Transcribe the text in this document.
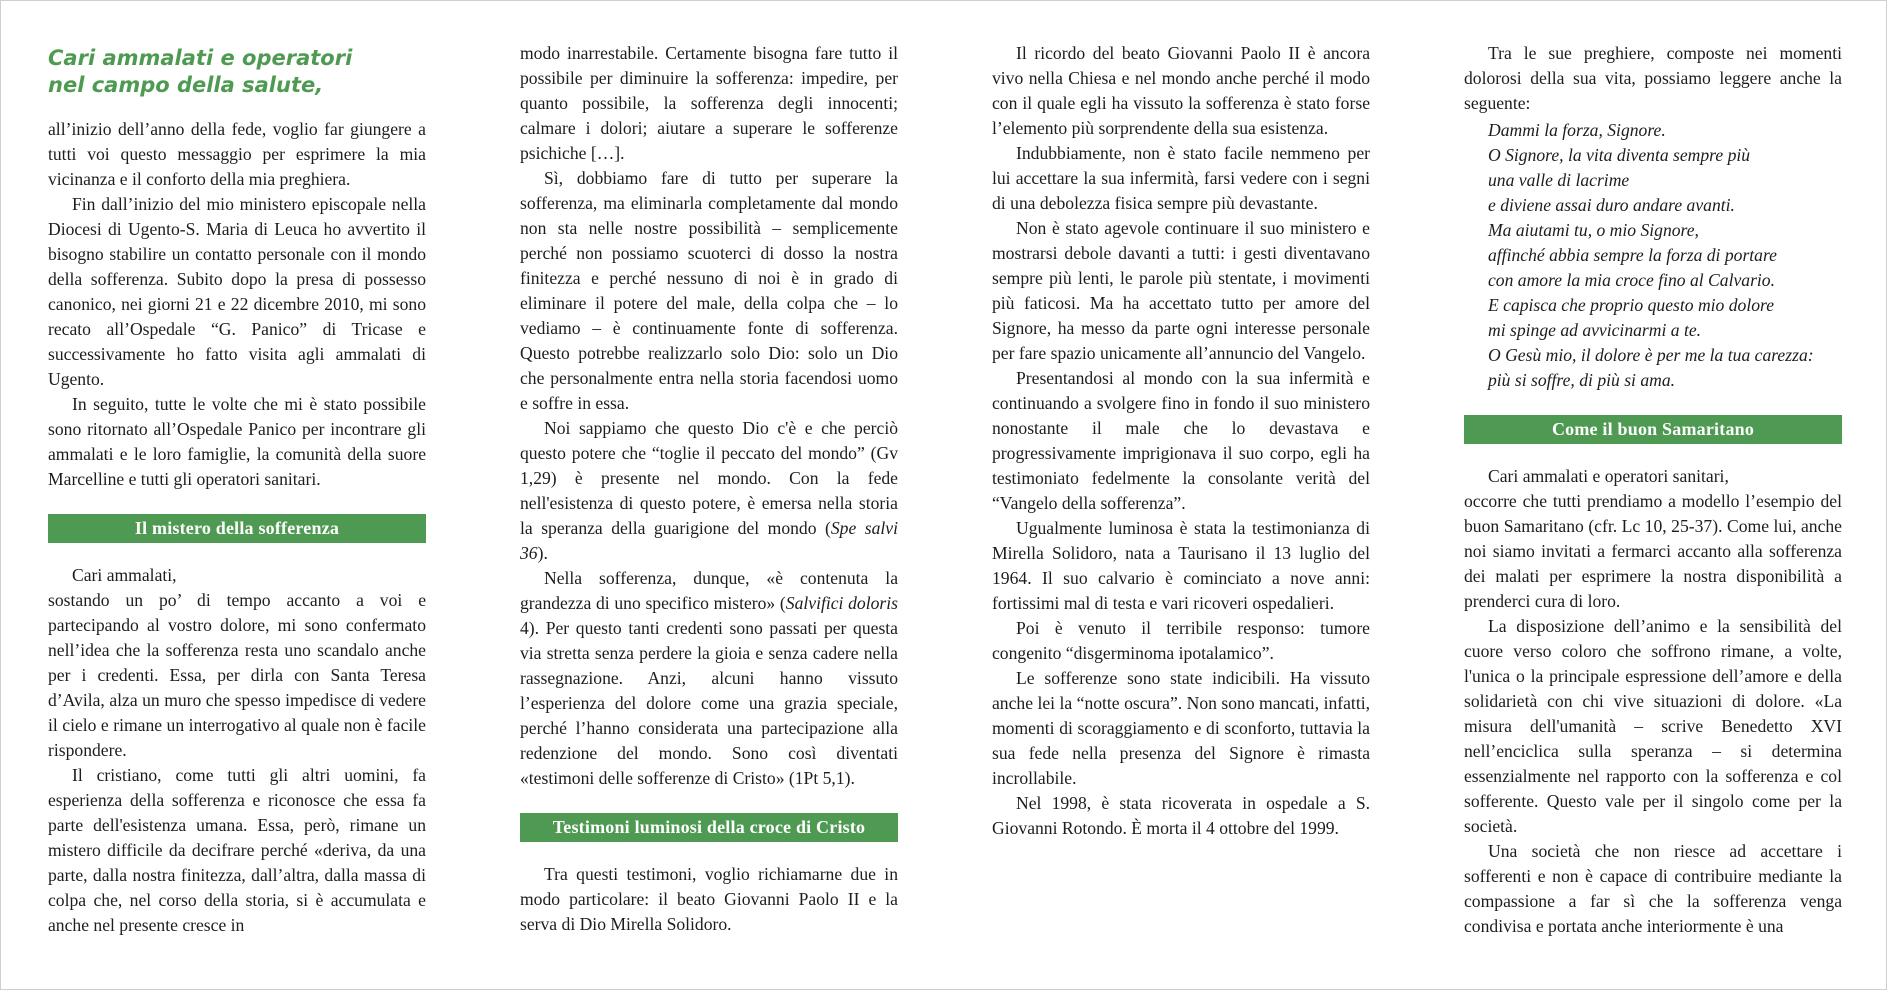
Cari ammalati e operatori
nel campo della salute,

all’inizio dell’anno della fede, voglio far giungere a tutti voi questo messaggio per esprimere la mia vicinanza e il conforto della mia preghiera.

Fin dall’inizio del mio ministero episcopale nella Diocesi di Ugento-S. Maria di Leuca ho avvertito il bisogno stabilire un contatto personale con il mondo della sofferenza. Subito dopo la presa di possesso canonico, nei giorni 21 e 22 dicembre 2010, mi sono recato all’Ospedale “G. Panico” di Tricase e successivamente ho fatto visita agli ammalati di Ugento.

In seguito, tutte le volte che mi è stato possibile sono ritornato all’Ospedale Panico per incontrare gli ammalati e le loro famiglie, la comunità della suore Marcelline e tutti gli operatori sanitari.

Il mistero della sofferenza

Cari ammalati,

sostando un po’ di tempo accanto a voi e partecipando al vostro dolore, mi sono confermato nell’idea che la sofferenza resta uno scandalo anche per i credenti. Essa, per dirla con Santa Teresa d’Avila, alza un muro che spesso impedisce di vedere il cielo e rimane un interrogativo al quale non è facile rispondere.

Il cristiano, come tutti gli altri uomini, fa esperienza della sofferenza e riconosce che essa fa parte dell'esistenza umana. Essa, però, rimane un mistero difficile da decifrare perché «deriva, da una parte, dalla nostra finitezza, dall’altra, dalla massa di colpa che, nel corso della storia, si è accumulata e anche nel presente cresce in

modo inarrestabile. Certamente bisogna fare tutto il possibile per diminuire la sofferenza: impedire, per quanto possibile, la sofferenza degli innocenti; calmare i dolori; aiutare a superare le sofferenze psichiche […].

Sì, dobbiamo fare di tutto per superare la sofferenza, ma eliminarla completamente dal mondo non sta nelle nostre possibilità – semplicemente perché non possiamo scuoterci di dosso la nostra finitezza e perché nessuno di noi è in grado di eliminare il potere del male, della colpa che – lo vediamo – è continuamente fonte di sofferenza. Questo potrebbe realizzarlo solo Dio: solo un Dio che personalmente entra nella storia facendosi uomo e soffre in essa.

Noi sappiamo che questo Dio c'è e che perciò questo potere che “toglie il peccato del mondo” (Gv 1,29) è presente nel mondo. Con la fede nell'esistenza di questo potere, è emersa nella storia la speranza della guarigione del mondo (Spe salvi 36).

Nella sofferenza, dunque, «è contenuta la grandezza di uno specifico mistero» (Salvifici doloris 4). Per questo tanti credenti sono passati per questa via stretta senza perdere la gioia e senza cadere nella rassegnazione. Anzi, alcuni hanno vissuto l’esperienza del dolore come una grazia speciale, perché l’hanno considerata una partecipazione alla redenzione del mondo. Sono così diventati «testimoni delle sofferenze di Cristo» (1Pt 5,1).

Testimoni luminosi della croce di Cristo

Tra questi testimoni, voglio richiamarne due in modo particolare: il beato Giovanni Paolo II e la serva di Dio Mirella Solidoro.

Il ricordo del beato Giovanni Paolo II è ancora vivo nella Chiesa e nel mondo anche perché il modo con il quale egli ha vissuto la sofferenza è stato forse l’elemento più sorprendente della sua esistenza.

Indubbiamente, non è stato facile nemmeno per lui accettare la sua infermità, farsi vedere con i segni di una debolezza fisica sempre più devastante.

Non è stato agevole continuare il suo ministero e mostrarsi debole davanti a tutti: i gesti diventavano sempre più lenti, le parole più stentate, i movimenti più faticosi. Ma ha accettato tutto per amore del Signore, ha messo da parte ogni interesse personale per fare spazio unicamente all’annuncio del Vangelo.

Presentandosi al mondo con la sua infermità e continuando a svolgere fino in fondo il suo ministero nonostante il male che lo devastava e progressivamente imprigionava il suo corpo, egli ha testimoniato fedelmente la consolante verità del “Vangelo della sofferenza”.

Ugualmente luminosa è stata la testimonianza di Mirella Solidoro, nata a Taurisano il 13 luglio del 1964. Il suo calvario è cominciato a nove anni: fortissimi mal di testa e vari ricoveri ospedalieri.

Poi è venuto il terribile responso: tumore congenito “disgerminoma ipotalamico”.

Le sofferenze sono state indicibili. Ha vissuto anche lei la “notte oscura”. Non sono mancati, infatti, momenti di scoraggiamento e di sconforto, tuttavia la sua fede nella presenza del Signore è rimasta incrollabile.

Nel 1998, è stata ricoverata in ospedale a S. Giovanni Rotondo. È morta il 4 ottobre del 1999.

Tra le sue preghiere, composte nei momenti dolorosi della sua vita, possiamo leggere anche la seguente:

Dammi la forza, Signore.
O Signore, la vita diventa sempre più
una valle di lacrime
e diviene assai duro andare avanti.
Ma aiutami tu, o mio Signore,
affinché abbia sempre la forza di portare
con amore la mia croce fino al Calvario.
E capisca che proprio questo mio dolore
mi spinge ad avvicinarmi a te.
O Gesù mio, il dolore è per me la tua carezza:
più si soffre, di più si ama.
Come il buon Samaritano

Cari ammalati e operatori sanitari,

occorre che tutti prendiamo a modello l’esempio del buon Samaritano (cfr. Lc 10, 25-37). Come lui, anche noi siamo invitati a fermarci accanto alla sofferenza dei malati per esprimere la nostra disponibilità a prenderci cura di loro.

La disposizione dell’animo e la sensibilità del cuore verso coloro che soffrono rimane, a volte, l'unica o la principale espressione dell’amore e della solidarietà con chi vive situazioni di dolore. «La misura dell'umanità – scrive Benedetto XVI nell’enciclica sulla speranza – si determina essenzialmente nel rapporto con la sofferenza e col sofferente. Questo vale per il singolo come per la società.

Una società che non riesce ad accettare i sofferenti e non è capace di contribuire mediante la compassione a far sì che la sofferenza venga condivisa e portata anche interiormente è una
